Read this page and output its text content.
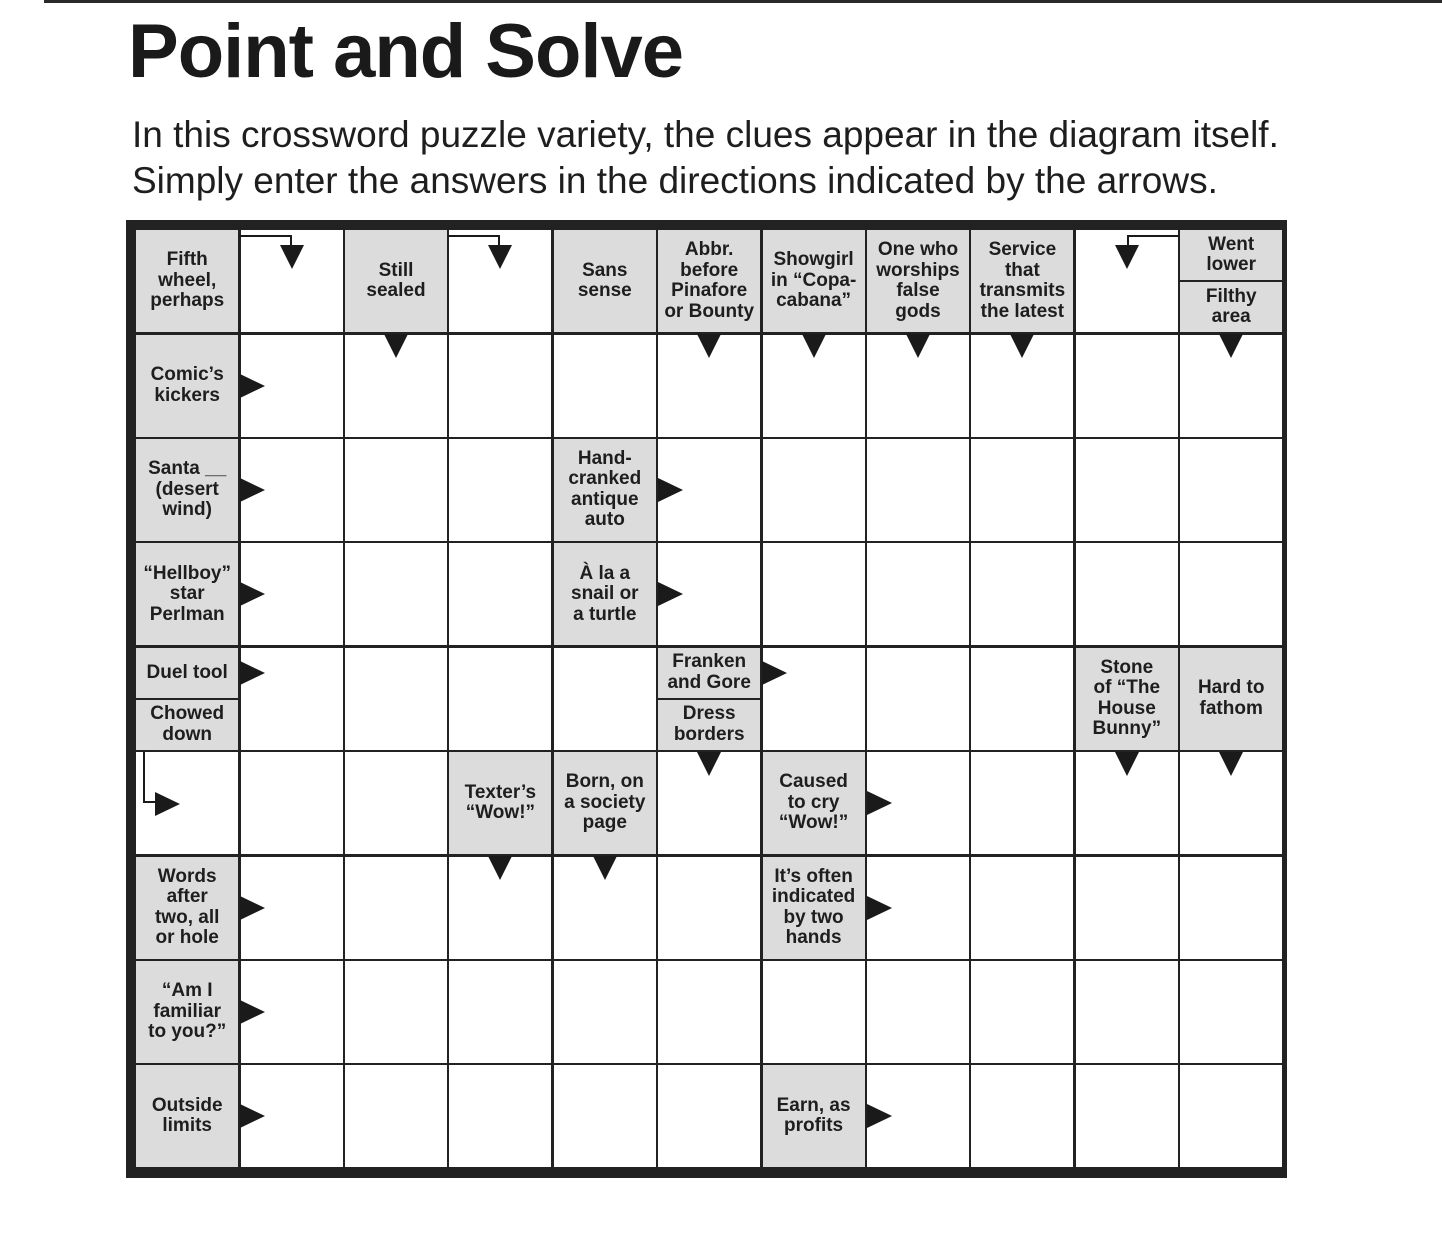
Point and Solve
In this crossword puzzle variety, the clues appear in the diagram itself.
Simply enter the answers in the directions indicated by the arrows.
Fifth
wheel,
perhaps
Still
sealed
Sans
sense
Abbr.
before
Pinafore
or Bounty
Showgirl
in “Copa-
cabana”
One who
worships
false
gods
Service
that
transmits
the latest
Went
lower
Filthy
area
Comic’s
kickers
Santa __
(desert
wind)
Hand-
cranked
antique
auto
“Hellboy”
star
Perlman
À la a
snail or
a turtle
Duel tool
Chowed
down
Franken
and Gore
Dress
borders
Stone
of “The
House
Bunny”
Hard to
fathom
Texter’s
“Wow!”
Born, on
a society
page
Caused
to cry
“Wow!”
Words
after
two, all
or hole
It’s often
indicated
by two
hands
“Am I
familiar
to you?”
Outside
limits
Earn, as
profits
